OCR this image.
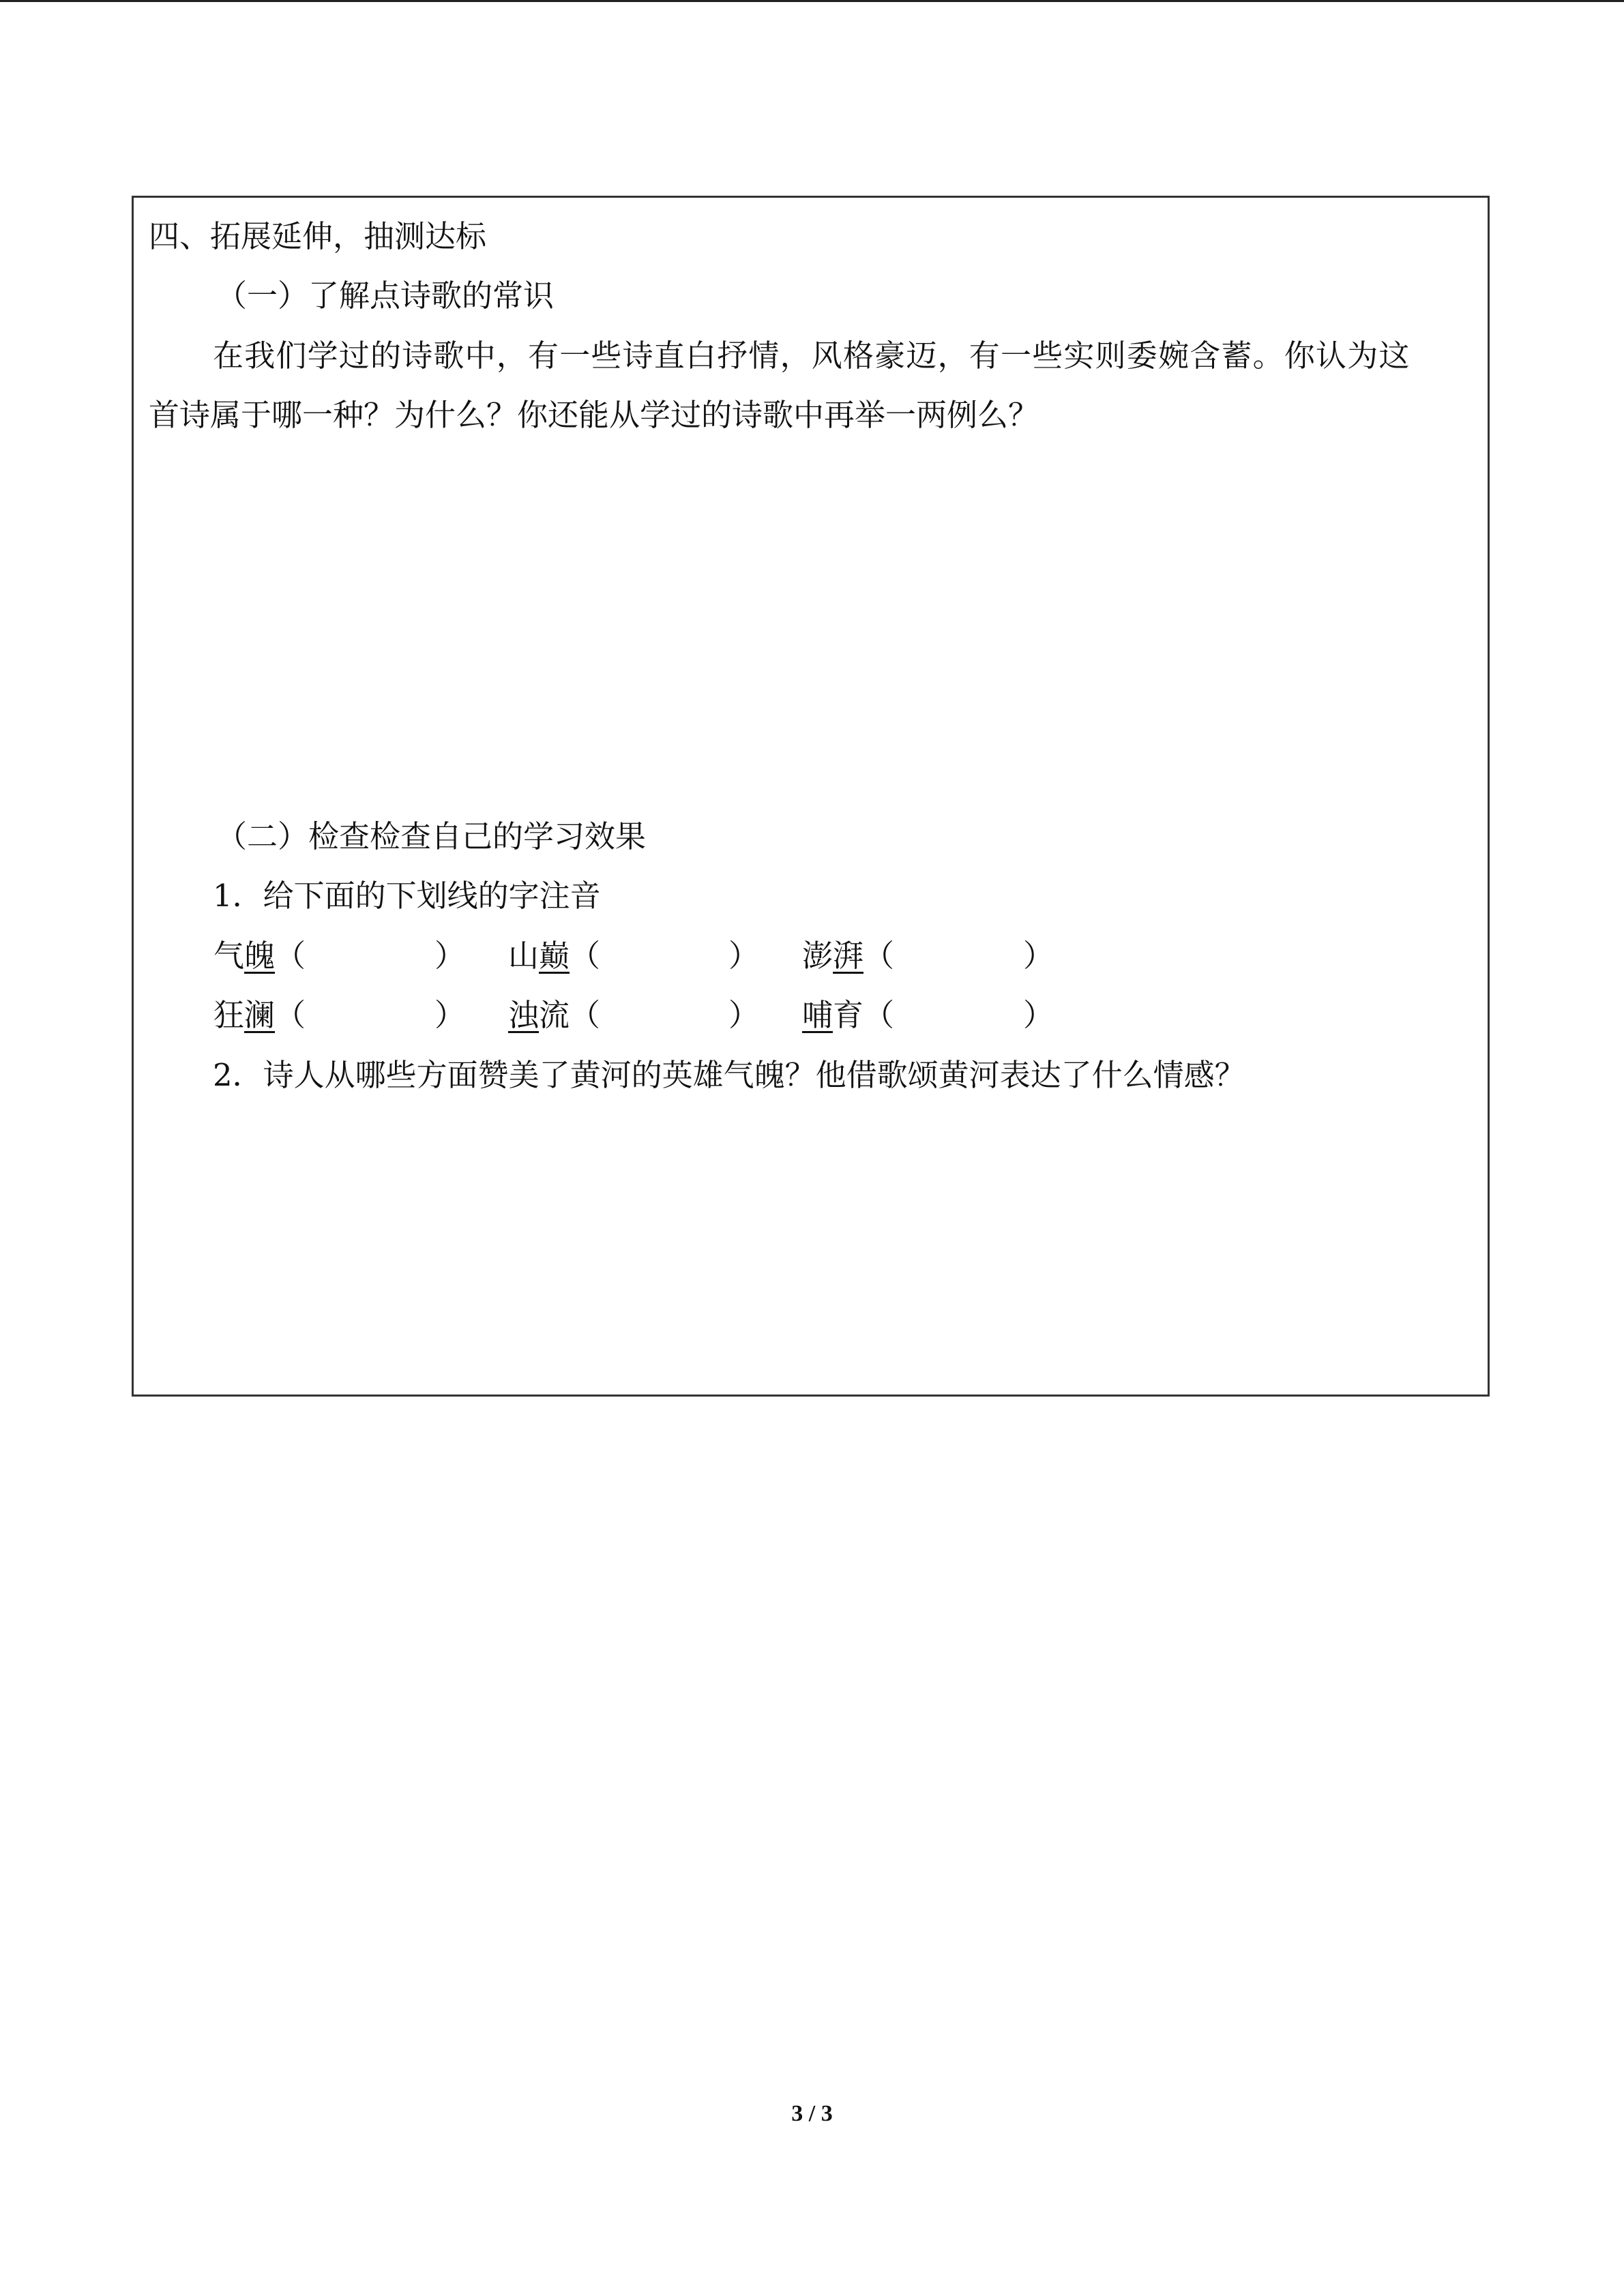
四、拓展延伸，抽测达标

（一）了解点诗歌的常识

在我们学过的诗歌中，有一些诗直白抒情，风格豪迈，有一些实则委婉含蓄。你认为这

首诗属于哪一种？为什么？你还能从学过的诗歌中再举一两例么？

（二）检查检查自己的学习效果

1．给下面的下划线的字注音

气魄 （	） 山巅 （	） 澎湃 （	）
狂澜 （	） 浊流 （	） 哺育 （	）

2．诗人从哪些方面赞美了黄河的英雄气魄？他借歌颂黄河表达了什么情感？

3 / 3
